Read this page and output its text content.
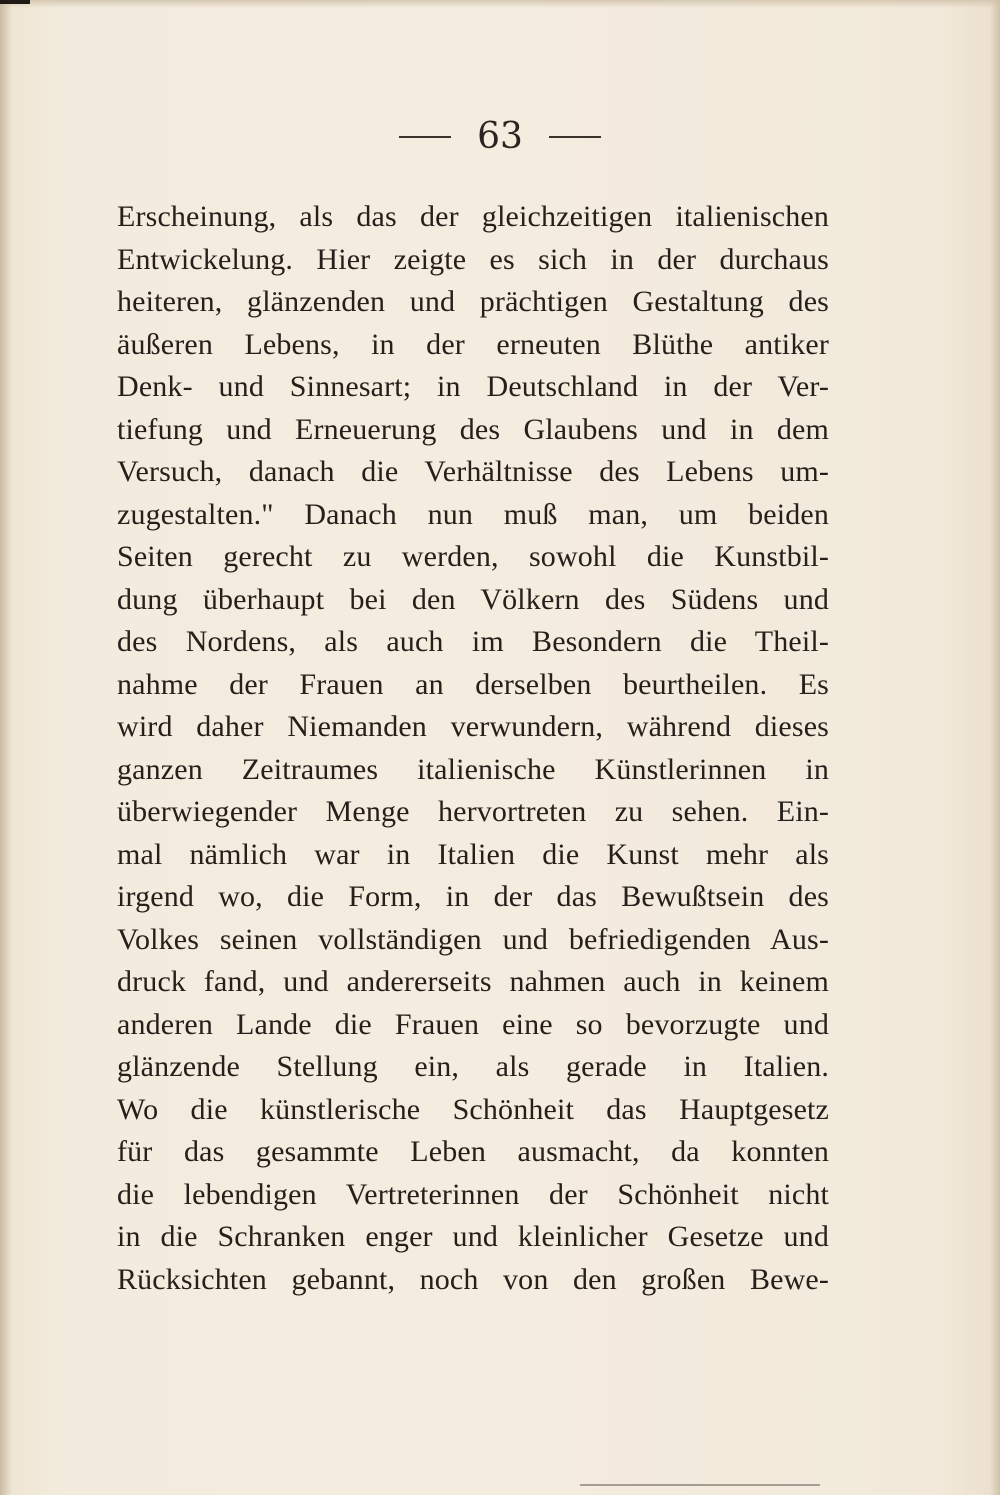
63
Erscheinung, als das der gleichzeitigen italienischen
Entwickelung. Hier zeigte es sich in der durchaus
heiteren, glänzenden und prächtigen Gestaltung des
äußeren Lebens, in der erneuten Blüthe antiker
Denk- und Sinnesart; in Deutschland in der Ver-
tiefung und Erneuerung des Glaubens und in dem
Versuch, danach die Verhältnisse des Lebens um-
zugestalten." Danach nun muß man, um beiden
Seiten gerecht zu werden, sowohl die Kunstbil-
dung überhaupt bei den Völkern des Südens und
des Nordens, als auch im Besondern die Theil-
nahme der Frauen an derselben beurtheilen. Es
wird daher Niemanden verwundern, während dieses
ganzen Zeitraumes italienische Künstlerinnen in
überwiegender Menge hervortreten zu sehen. Ein-
mal nämlich war in Italien die Kunst mehr als
irgend wo, die Form, in der das Bewußtsein des
Volkes seinen vollständigen und befriedigenden Aus-
druck fand, und andererseits nahmen auch in keinem
anderen Lande die Frauen eine so bevorzugte und
glänzende Stellung ein, als gerade in Italien.
Wo die künstlerische Schönheit das Hauptgesetz
für das gesammte Leben ausmacht, da konnten
die lebendigen Vertreterinnen der Schönheit nicht
in die Schranken enger und kleinlicher Gesetze und
Rücksichten gebannt, noch von den großen Bewe-
